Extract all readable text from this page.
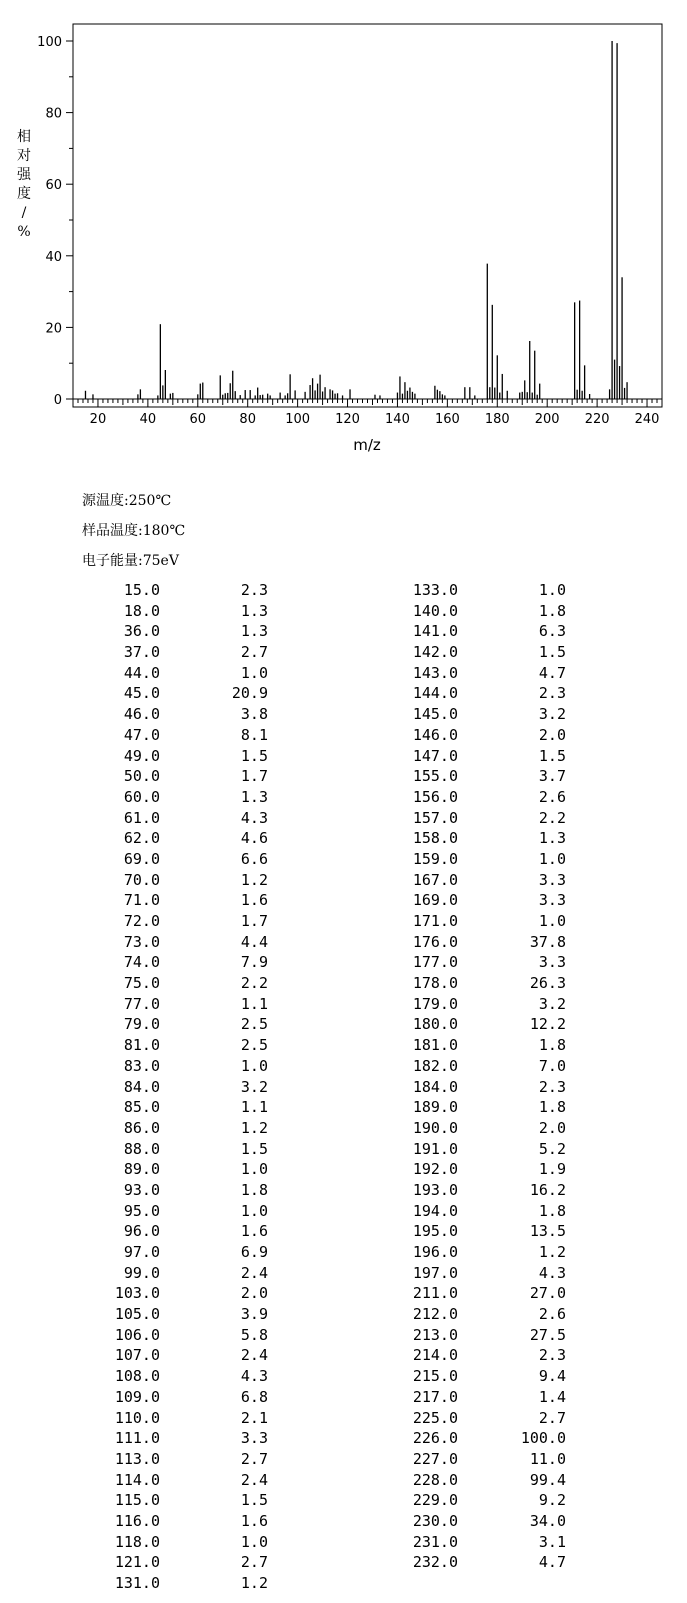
0
20
40
60
80
100
20	40	60	80 100 120 140 160 180 200 220 240
m/z
相
对
强
度
/
%
源温度:250℃
样品温度:180℃
电子能量:75eV
15.0	2.3
18.0	1.3
36.0	1.3
37.0	2.7
44.0	1.0
45.0	20.9
46.0	3.8
47.0	8.1
49.0	1.5
50.0	1.7
60.0	1.3
61.0	4.3
62.0	4.6
69.0	6.6
70.0	1.2
71.0	1.6
72.0	1.7
73.0	4.4
74.0	7.9
75.0	2.2
77.0	1.1
79.0	2.5
81.0	2.5
83.0	1.0
84.0	3.2
85.0	1.1
86.0	1.2
88.0	1.5
89.0	1.0
93.0	1.8
95.0	1.0
96.0	1.6
97.0	6.9
99.0	2.4
103.0	2.0
105.0	3.9
106.0	5.8
107.0	2.4
108.0	4.3
109.0	6.8
110.0	2.1
111.0	3.3
113.0	2.7
114.0	2.4
115.0	1.5
116.0	1.6
118.0	1.0
121.0	2.7
131.0	1.2
133.0	1.0
140.0	1.8
141.0	6.3
142.0	1.5
143.0	4.7
144.0	2.3
145.0	3.2
146.0	2.0
147.0	1.5
155.0	3.7
156.0	2.6
157.0	2.2
158.0	1.3
159.0	1.0
167.0	3.3
169.0	3.3
171.0	1.0
176.0	37.8
177.0	3.3
178.0	26.3
179.0	3.2
180.0	12.2
181.0	1.8
182.0	7.0
184.0	2.3
189.0	1.8
190.0	2.0
191.0	5.2
192.0	1.9
193.0	16.2
194.0	1.8
195.0	13.5
196.0	1.2
197.0	4.3
211.0	27.0
212.0	2.6
213.0	27.5
214.0	2.3
215.0	9.4
217.0	1.4
225.0	2.7
226.0	100.0
227.0	11.0
228.0	99.4
229.0	9.2
230.0	34.0
231.0	3.1
232.0	4.7
